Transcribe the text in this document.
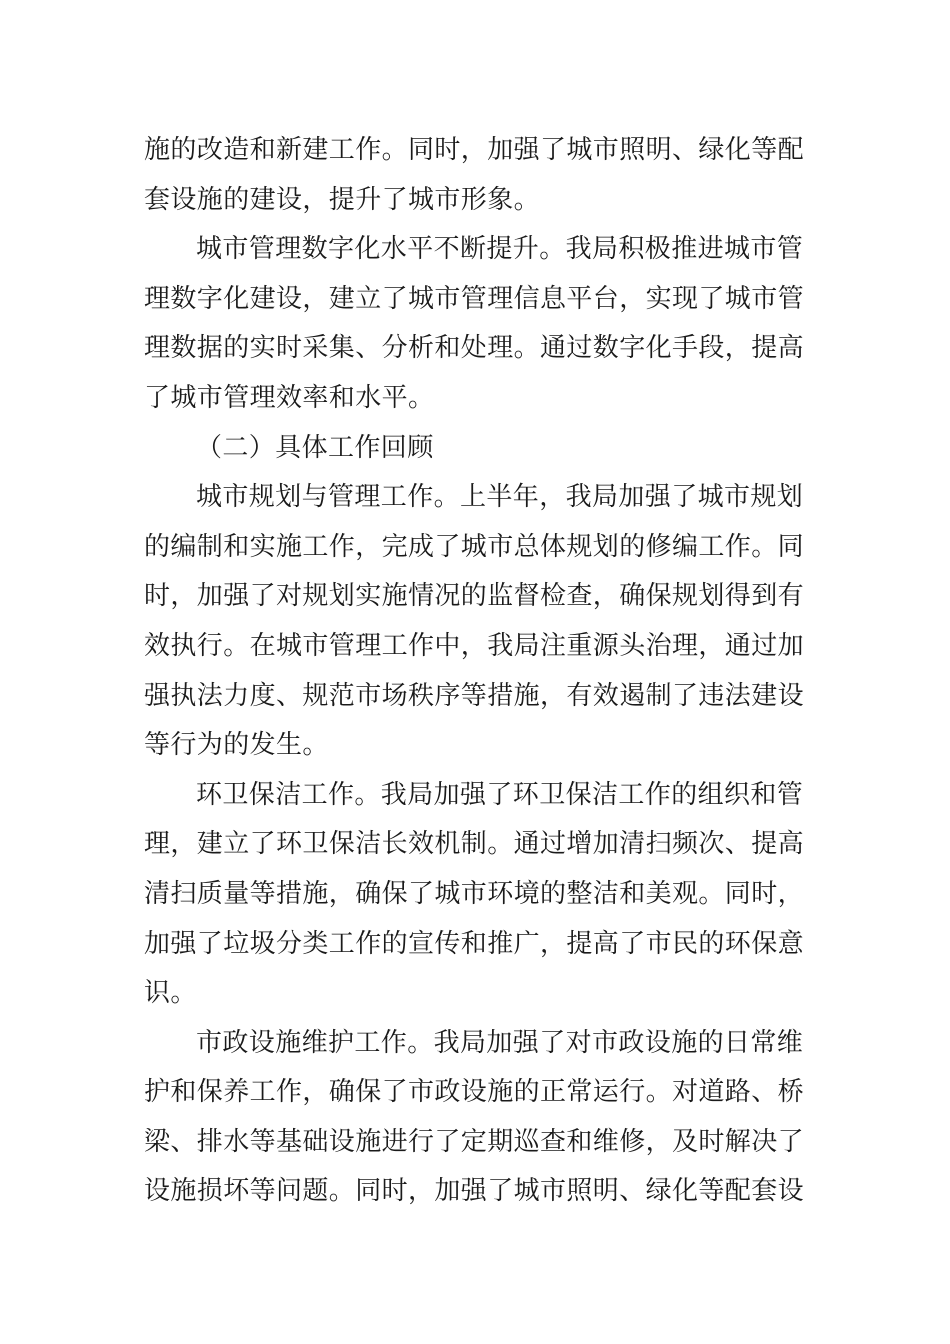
施的改造和新建工作。同时，加强了城市照明、绿化等配
套设施的建设，提升了城市形象。
城市管理数字化水平不断提升。我局积极推进城市管
理数字化建设，建立了城市管理信息平台，实现了城市管
理数据的实时采集、分析和处理。通过数字化手段，提高
了城市管理效率和水平。
（二）具体工作回顾
城市规划与管理工作。上半年，我局加强了城市规划
的编制和实施工作，完成了城市总体规划的修编工作。同
时，加强了对规划实施情况的监督检查，确保规划得到有
效执行。在城市管理工作中，我局注重源头治理，通过加
强执法力度、规范市场秩序等措施，有效遏制了违法建设
等行为的发生。
环卫保洁工作。我局加强了环卫保洁工作的组织和管
理，建立了环卫保洁长效机制。通过增加清扫频次、提高
清扫质量等措施，确保了城市环境的整洁和美观。同时，
加强了垃圾分类工作的宣传和推广，提高了市民的环保意
识。
市政设施维护工作。我局加强了对市政设施的日常维
护和保养工作，确保了市政设施的正常运行。对道路、桥
梁、排水等基础设施进行了定期巡查和维修，及时解决了
设施损坏等问题。同时，加强了城市照明、绿化等配套设
